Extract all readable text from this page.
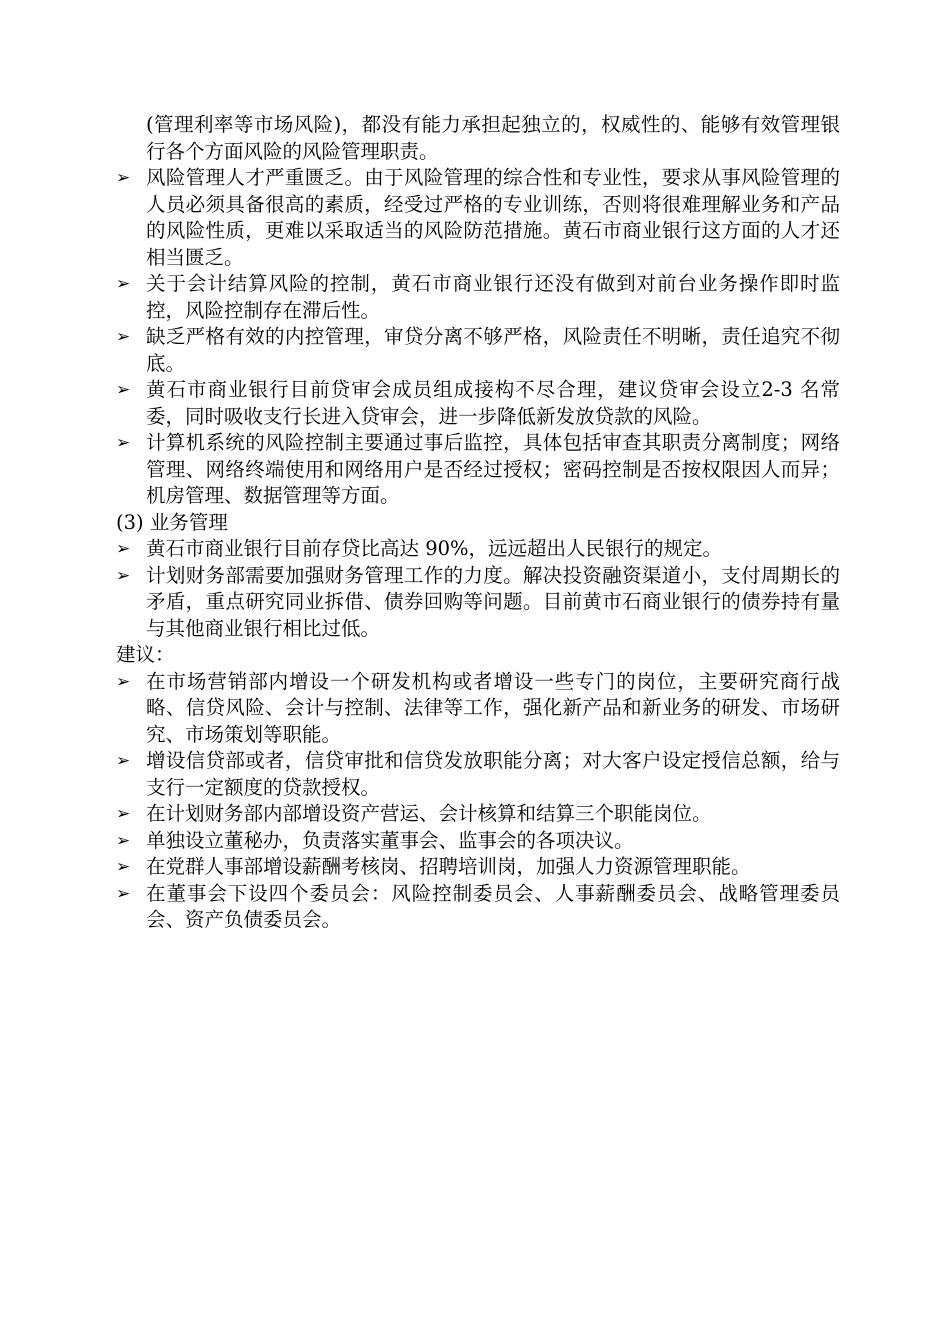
(管理利率等市场风险)，都没有能力承担起独立的，权威性的、能够有效管理银行各个方面风险的风险管理职责。

➢ 风险管理人才严重匮乏。由于风险管理的综合性和专业性，要求从事风险管理的人员必须具备很高的素质，经受过严格的专业训练，否则将很难理解业务和产品的风险性质，更难以采取适当的风险防范措施。黄石市商业银行这方面的人才还相当匮乏。
➢ 关于会计结算风险的控制，黄石市商业银行还没有做到对前台业务操作即时监控，风险控制存在滞后性。
➢ 缺乏严格有效的内控管理，审贷分离不够严格，风险责任不明晰，责任追究不彻底。
➢ 黄石市商业银行目前贷审会成员组成接构不尽合理，建议贷审会设立2-3 名常委，同时吸收支行长进入贷审会，进一步降低新发放贷款的风险。
➢ 计算机系统的风险控制主要通过事后监控，具体包括审查其职责分离制度；网络管理、网络终端使用和网络用户是否经过授权；密码控制是否按权限因人而异；机房管理、数据管理等方面。

(3) 业务管理

➢ 黄石市商业银行目前存贷比高达 90%，远远超出人民银行的规定。
➢ 计划财务部需要加强财务管理工作的力度。解决投资融资渠道小，支付周期长的矛盾，重点研究同业拆借、债券回购等问题。目前黄市石商业银行的债券持有量与其他商业银行相比过低。

建议：

➢ 在市场营销部内增设一个研发机构或者增设一些专门的岗位，主要研究商行战略、信贷风险、会计与控制、法律等工作，强化新产品和新业务的研发、市场研究、市场策划等职能。
➢ 增设信贷部或者，信贷审批和信贷发放职能分离；对大客户设定授信总额，给与支行一定额度的贷款授权。
➢ 在计划财务部内部增设资产营运、会计核算和结算三个职能岗位。
➢ 单独设立董秘办，负责落实董事会、监事会的各项决议。
➢ 在党群人事部增设薪酬考核岗、招聘培训岗，加强人力资源管理职能。
➢ 在董事会下设四个委员会：风险控制委员会、人事薪酬委员会、战略管理委员会、资产负债委员会。
